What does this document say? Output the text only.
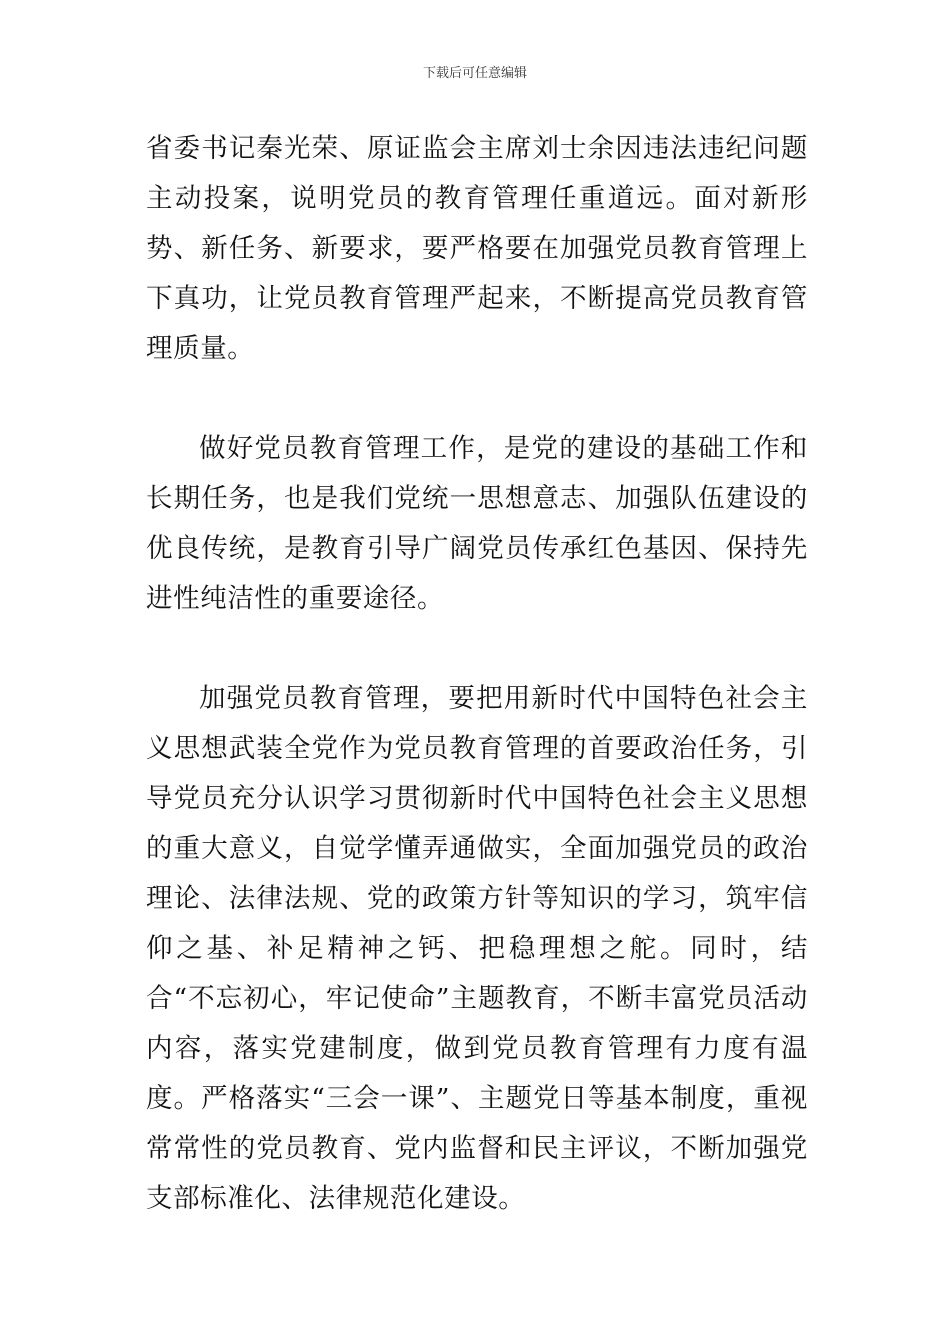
下载后可任意编辑

省委书记秦光荣、原证监会主席刘士余因违法违纪问题主动投案，说明党员的教育管理任重道远。面对新形势、新任务、新要求，要严格要在加强党员教育管理上下真功，让党员教育管理严起来，不断提高党员教育管理质量。

做好党员教育管理工作，是党的建设的基础工作和长期任务，也是我们党统一思想意志、加强队伍建设的优良传统，是教育引导广阔党员传承红色基因、保持先进性纯洁性的重要途径。

加强党员教育管理，要把用新时代中国特色社会主义思想武装全党作为党员教育管理的首要政治任务，引导党员充分认识学习贯彻新时代中国特色社会主义思想的重大意义，自觉学懂弄通做实，全面加强党员的政治理论、法律法规、党的政策方针等知识的学习，筑牢信仰之基、补足精神之钙、把稳理想之舵。同时，结合“不忘初心，牢记使命”主题教育，不断丰富党员活动内容，落实党建制度，做到党员教育管理有力度有温度。严格落实“三会一课”、主题党日等基本制度，重视常常性的党员教育、党内监督和民主评议，不断加强党支部标准化、法律规范化建设。
